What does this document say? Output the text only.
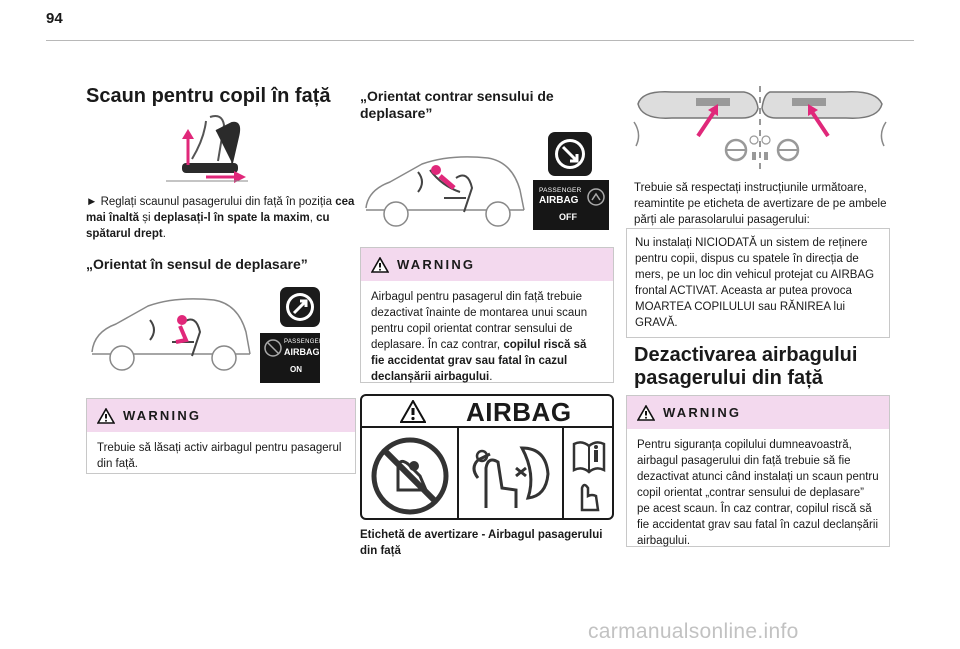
94
Scaun pentru copil în față
► Reglați scaunul pasagerului din față în poziția cea mai înaltă și deplasați-l în spate la maxim, cu spătarul drept.
„Orientat în sensul de deplasare”
PASSENGER
AIRBAG
ON
WARNING
Trebuie să lăsați activ airbagul pentru pasagerul din față.
„Orientat contrar sensului de deplasare”
PASSENGER
AIRBAG
OFF
WARNING
Airbagul pentru pasagerul din față trebuie dezactivat înainte de montarea unui scaun pentru copil orientat contrar sensului de deplasare. În caz contrar, copilul riscă să fie accidentat grav sau fatal în cazul declanșării airbagului.
AIRBAG
Etichetă de avertizare - Airbagul pasagerului din față
Trebuie să respectați instrucțiunile următoare, reamintite pe eticheta de avertizare de pe ambele părți ale parasolarului pasagerului:
Nu instalați NICIODATĂ un sistem de reținere pentru copii, dispus cu spatele în direcția de mers, pe un loc din vehicul protejat cu AIRBAG frontal ACTIVAT. Aceasta ar putea provoca MOARTEA COPILULUI sau RĂNIREA lui GRAVĂ.
Dezactivarea airbagului pasagerului din față
WARNING
Pentru siguranța copilului dumneavoastră, airbagul pasagerului din față trebuie să fie dezactivat atunci când instalați un scaun pentru copil orientat „contrar sensului de deplasare” pe acest scaun. În caz contrar, copilul riscă să fie accidentat grav sau fatal în cazul declanșării airbagului.
carmanualsonline.info
